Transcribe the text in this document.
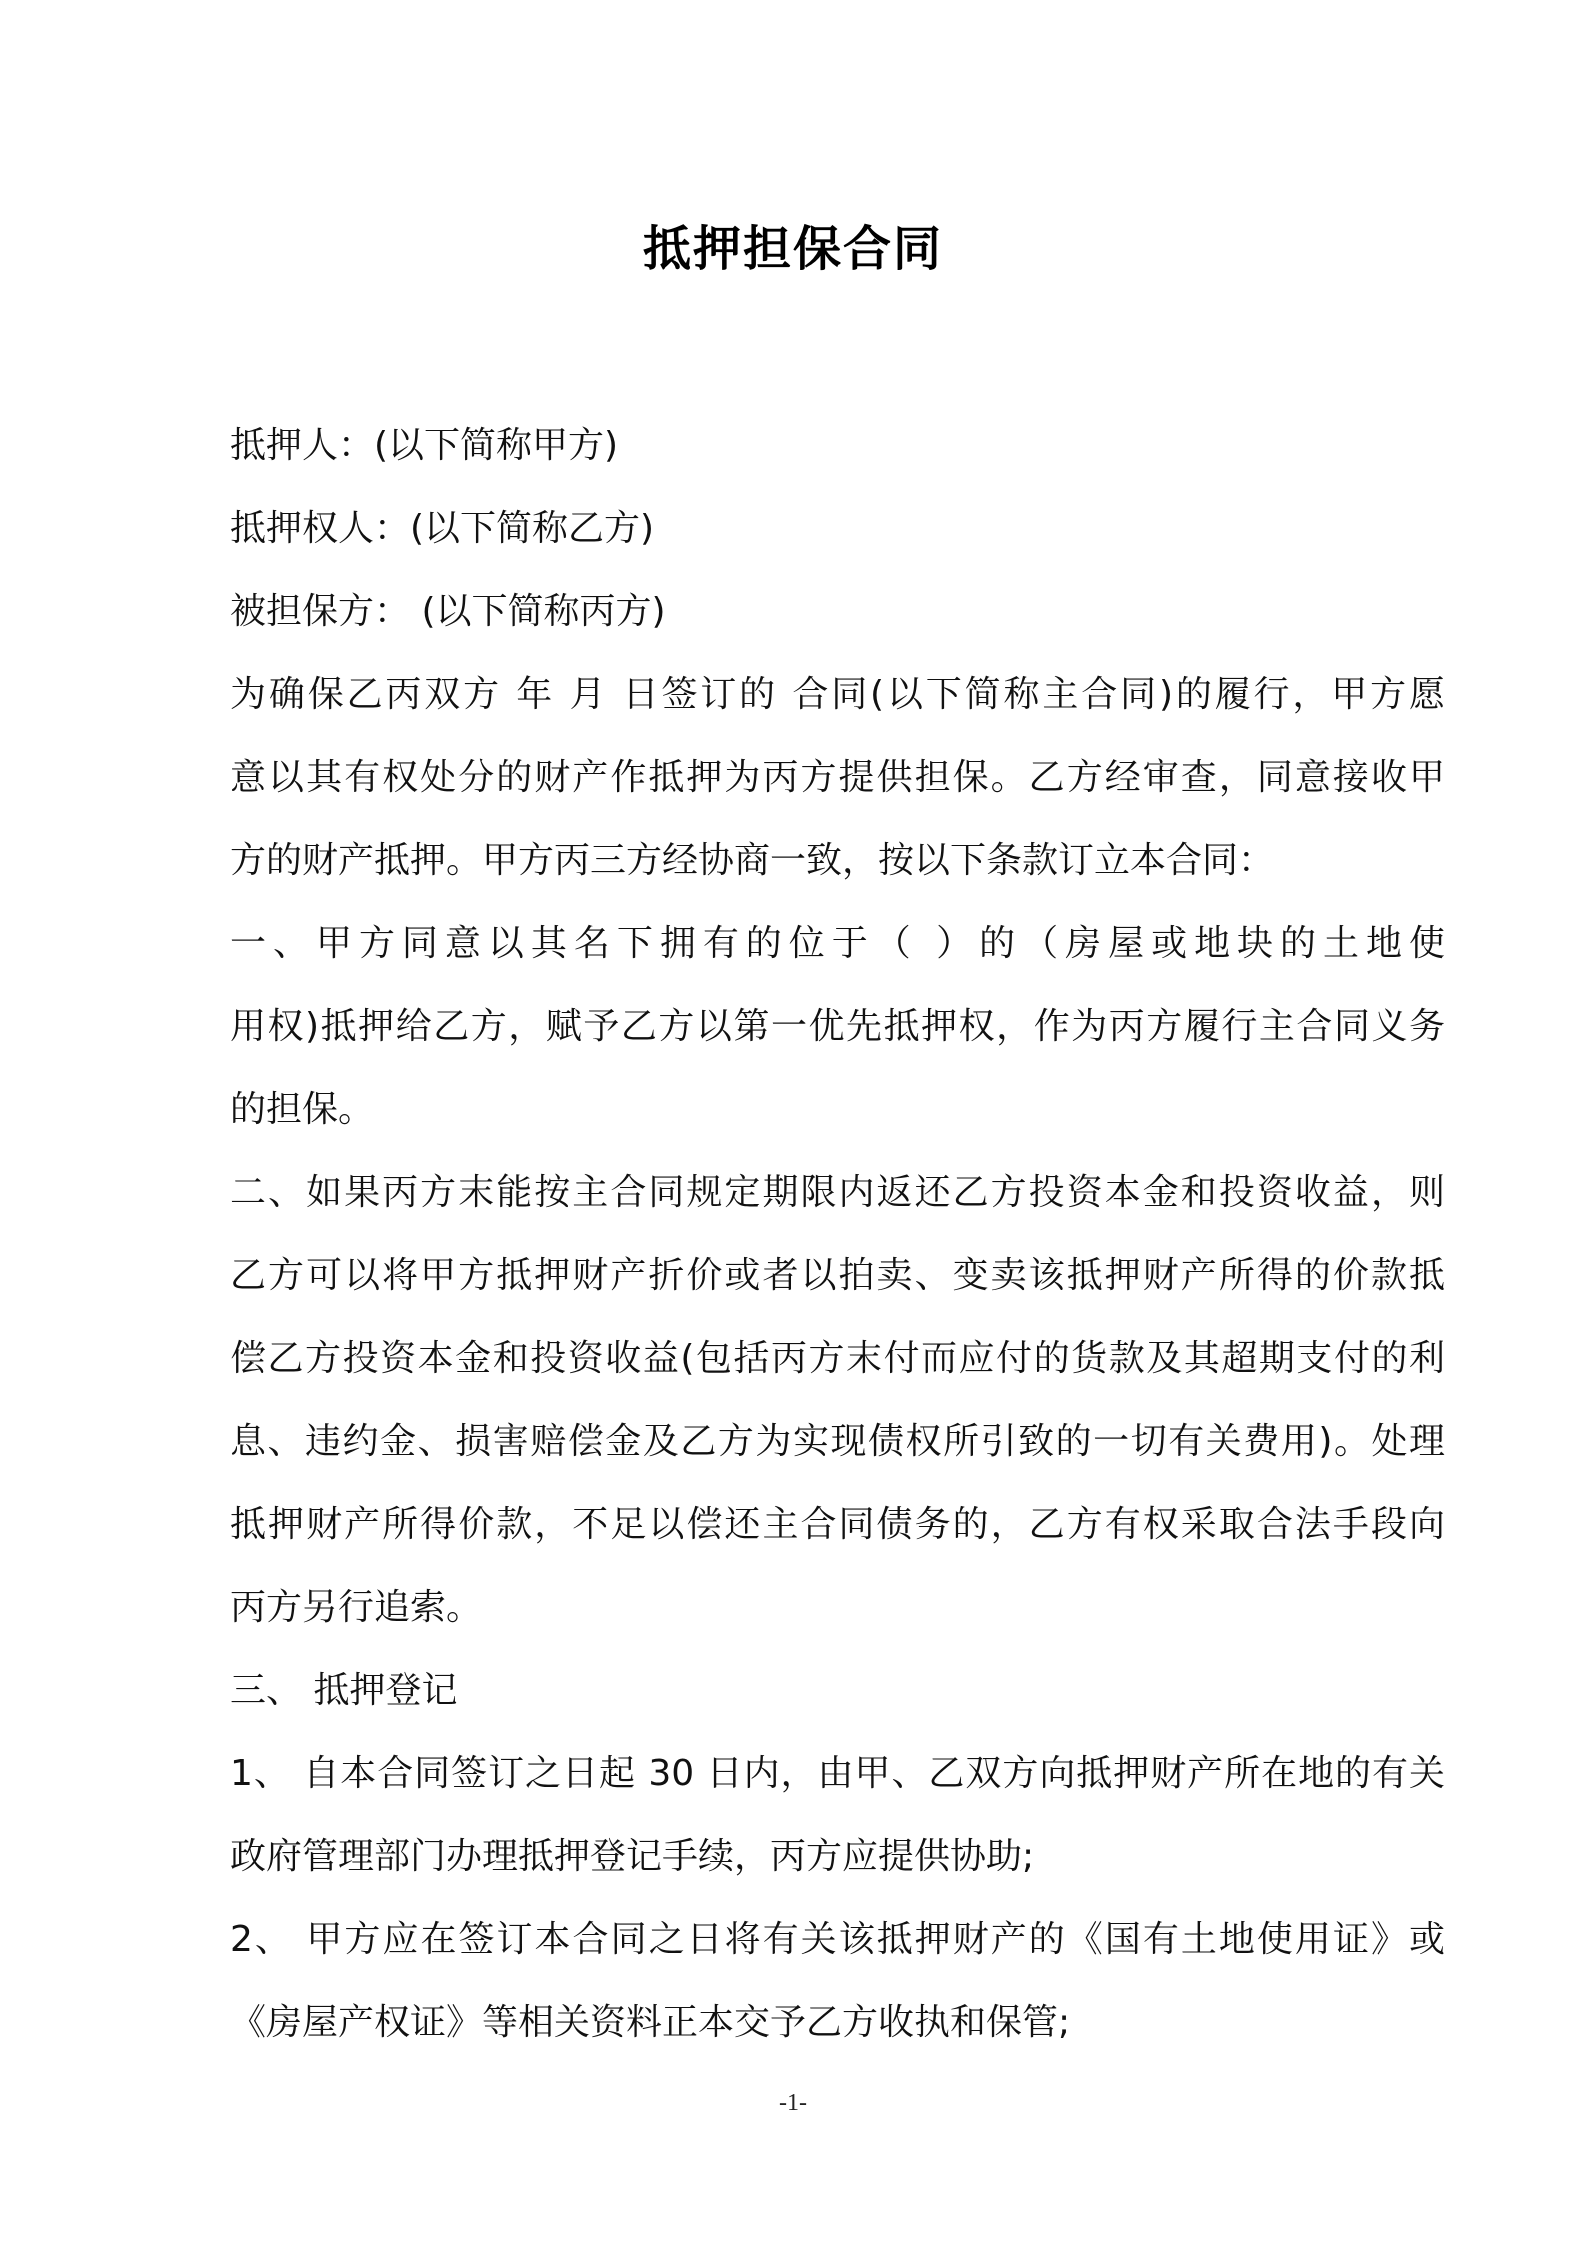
抵押担保合同
抵押人：(以下简称甲方)
抵押权人：(以下简称乙方)
被担保方： (以下简称丙方)
为确保乙丙双方 年 月 日签订的 合同(以下简称主合同)的履行，甲方愿
意以其有权处分的财产作抵押为丙方提供担保。乙方经审查，同意接收甲
方的财产抵押。甲方丙三方经协商一致，按以下条款订立本合同：
一、甲方同意以其名下拥有的位于（ ）的（房屋或地块的土地使
用权)抵押给乙方，赋予乙方以第一优先抵押权，作为丙方履行主合同义务
的担保。
二、如果丙方末能按主合同规定期限内返还乙方投资本金和投资收益，则
乙方可以将甲方抵押财产折价或者以拍卖、变卖该抵押财产所得的价款抵
偿乙方投资本金和投资收益(包括丙方末付而应付的货款及其超期支付的利
息、违约金、损害赔偿金及乙方为实现债权所引致的一切有关费用)。处理
抵押财产所得价款，不足以偿还主合同债务的，乙方有权采取合法手段向
丙方另行追索。
三、 抵押登记
1、 自本合同签订之日起 30 日内，由甲、乙双方向抵押财产所在地的有关
政府管理部门办理抵押登记手续，丙方应提供协助;
2、 甲方应在签订本合同之日将有关该抵押财产的《国有土地使用证》或
《房屋产权证》等相关资料正本交予乙方收执和保管;
-1-
